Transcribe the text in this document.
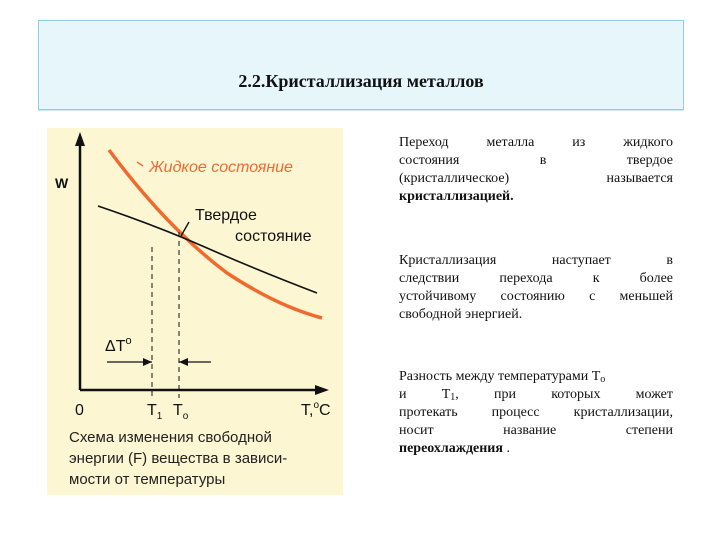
2.2.Кристаллизация металлов
W
Жидкое состояние
Твердое
состояние
$\Delta T^o$
0	$T_1$ $T_o$	T,$^o$C
Схема изменения свободной
энергии (F) вещества в зависи-
мости от температуры
Переход металла из жидкого
состояния в твердое
(кристаллическое) называется
кристаллизацией.
Кристаллизация наступает в
следствии перехода к более
устойчивому состоянию с меньшей
свободной энергией.
Разность между температурами $T_o$
и $T_1$, при которых может
протекать процесс кристаллизации,
носит название степени
переохлаждения .
